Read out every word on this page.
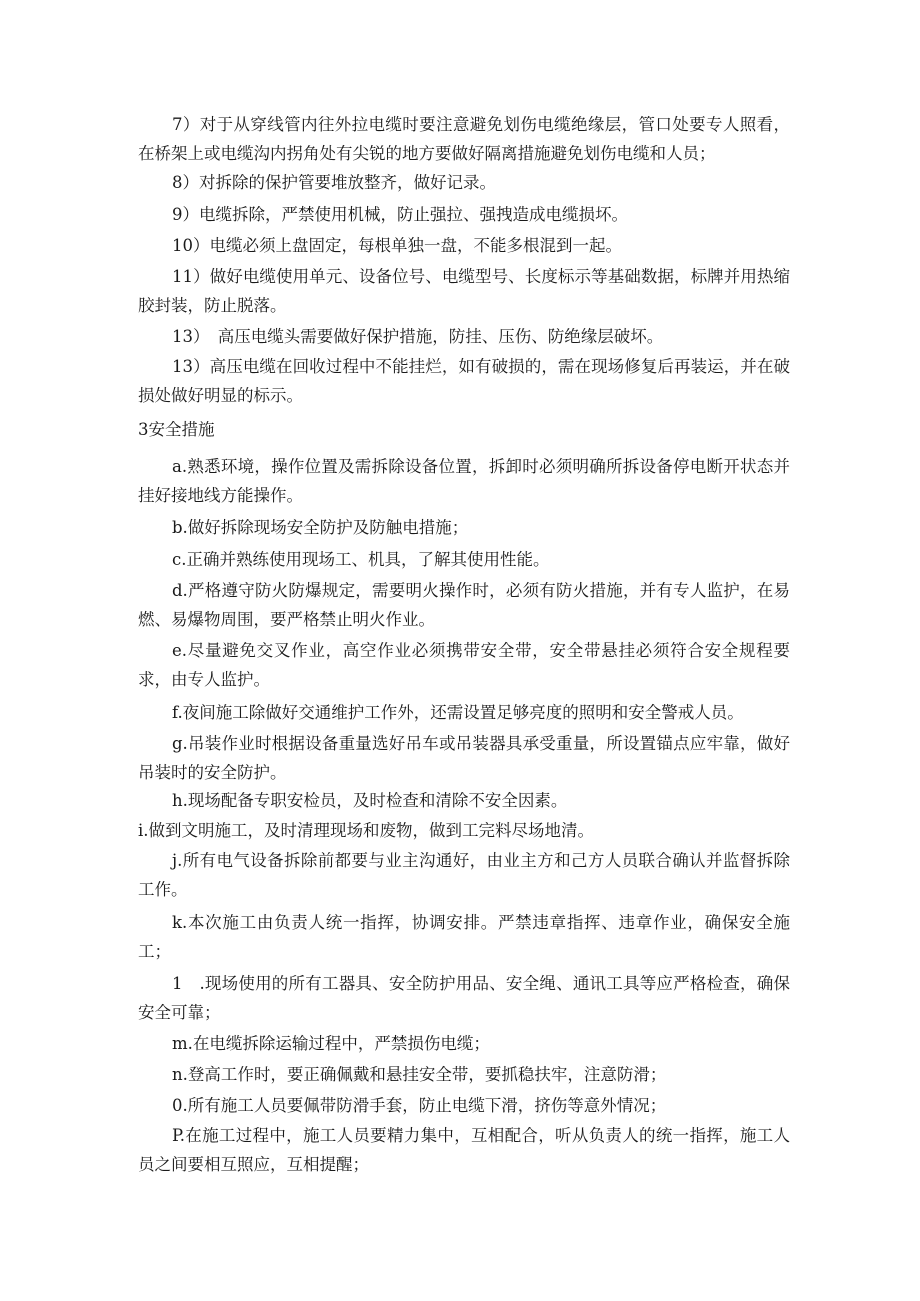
7）对于从穿线管内往外拉电缆时要注意避免划伤电缆绝缘层，管口处要专人照看，在桥架上或电缆沟内拐角处有尖锐的地方要做好隔离措施避免划伤电缆和人员；

8）对拆除的保护管要堆放整齐，做好记录。

9）电缆拆除，严禁使用机械，防止强拉、强拽造成电缆损坏。

10）电缆必须上盘固定，每根单独一盘，不能多根混到一起。

11）做好电缆使用单元、设备位号、电缆型号、长度标示等基础数据，标牌并用热缩胶封装，防止脱落。

13）　高压电缆头需要做好保护措施，防挂、压伤、防绝缘层破坏。

13）高压电缆在回收过程中不能挂烂，如有破损的，需在现场修复后再装运，并在破损处做好明显的标示。

3安全措施

a.熟悉环境，操作位置及需拆除设备位置，拆卸时必须明确所拆设备停电断开状态并挂好接地线方能操作。

b.做好拆除现场安全防护及防触电措施；

c.正确并熟练使用现场工、机具，了解其使用性能。

d.严格遵守防火防爆规定，需要明火操作时，必须有防火措施，并有专人监护，在易燃、易爆物周围，要严格禁止明火作业。

e.尽量避免交叉作业，高空作业必须携带安全带，安全带悬挂必须符合安全规程要求，由专人监护。

f.夜间施工除做好交通维护工作外，还需设置足够亮度的照明和安全警戒人员。

g.吊装作业时根据设备重量选好吊车或吊装器具承受重量，所设置锚点应牢靠，做好吊装时的安全防护。

h.现场配备专职安检员，及时检查和清除不安全因素。

i.做到文明施工，及时清理现场和废物，做到工完料尽场地清。

j.所有电气设备拆除前都要与业主沟通好，由业主方和己方人员联合确认并监督拆除工作。

k.本次施工由负责人统一指挥，协调安排。严禁违章指挥、违章作业，确保安全施工；

1　.现场使用的所有工器具、安全防护用品、安全绳、通讯工具等应严格检查，确保安全可靠；

m.在电缆拆除运输过程中，严禁损伤电缆；

n.登高工作时，要正确佩戴和悬挂安全带，要抓稳扶牢，注意防滑；

0.所有施工人员要佩带防滑手套，防止电缆下滑，挤伤等意外情况；

P.在施工过程中，施工人员要精力集中，互相配合，听从负责人的统一指挥，施工人员之间要相互照应，互相提醒；
